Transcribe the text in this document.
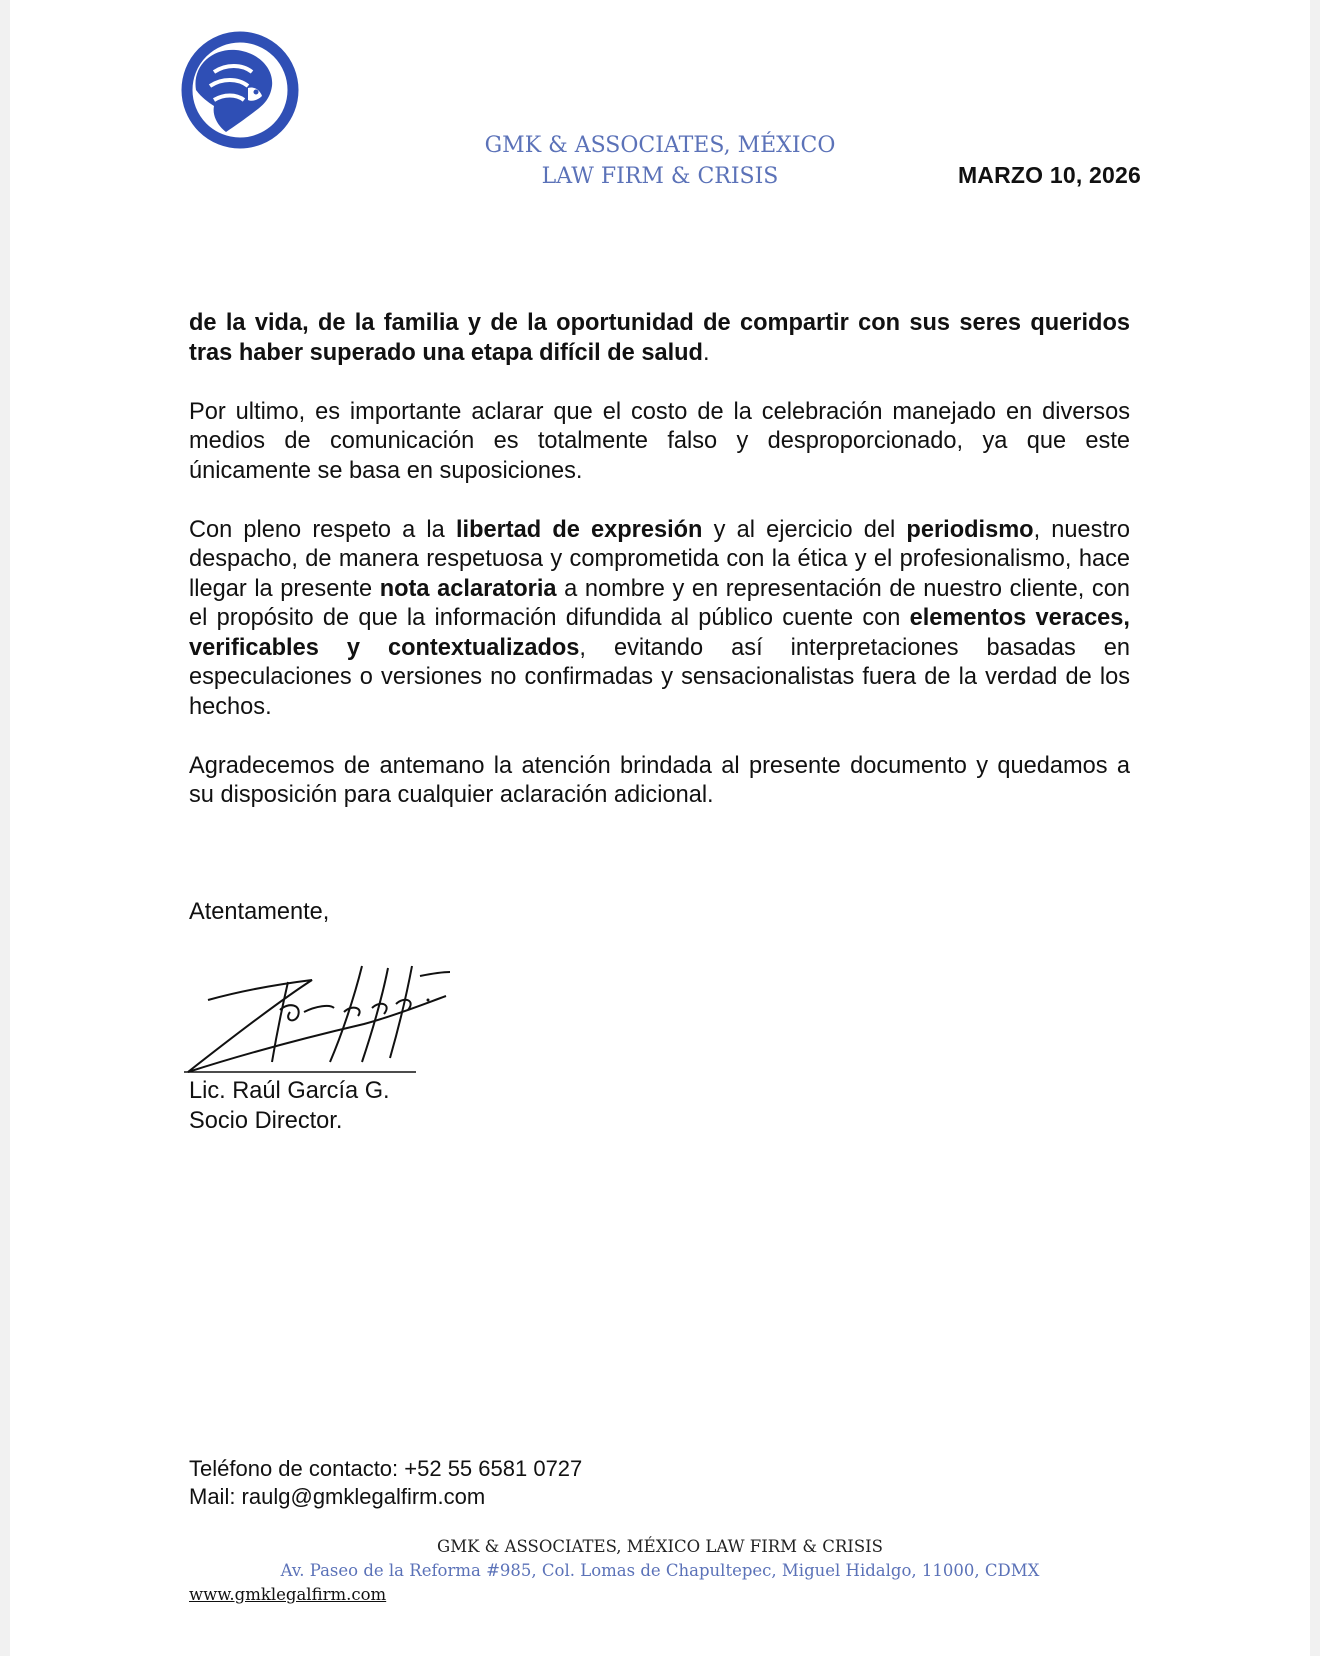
GMK & ASSOCIATES, MÉXICO
LAW FIRM & CRISIS	MARZO 10, 2026

de la vida, de la familia y de la oportunidad de compartir con sus seres queridos tras haber superado una etapa difícil de salud.

Por ultimo, es importante aclarar que el costo de la celebración manejado en diversos medios de comunicación es totalmente falso y desproporcionado, ya que este únicamente se basa en suposiciones.

Con pleno respeto a la libertad de expresión y al ejercicio del periodismo, nuestro despacho, de manera respetuosa y comprometida con la ética y el profesionalismo, hace llegar la presente nota aclaratoria a nombre y en representación de nuestro cliente, con el propósito de que la información difundida al público cuente con elementos veraces, verificables y contextualizados, evitando así interpretaciones basadas en especulaciones o versiones no confirmadas y sensacionalistas fuera de la verdad de los hechos.

Agradecemos de antemano la atención brindada al presente documento y quedamos a su disposición para cualquier aclaración adicional.

Atentamente,
Lic. Raúl García G.
Socio Director.
Teléfono de contacto: +52 55 6581 0727
Mail: raulg@gmklegalfirm.com
GMK & ASSOCIATES, MÉXICO LAW FIRM & CRISIS
Av. Paseo de la Reforma #985, Col. Lomas de Chapultepec, Miguel Hidalgo, 11000, CDMX
www.gmklegalfirm.com
